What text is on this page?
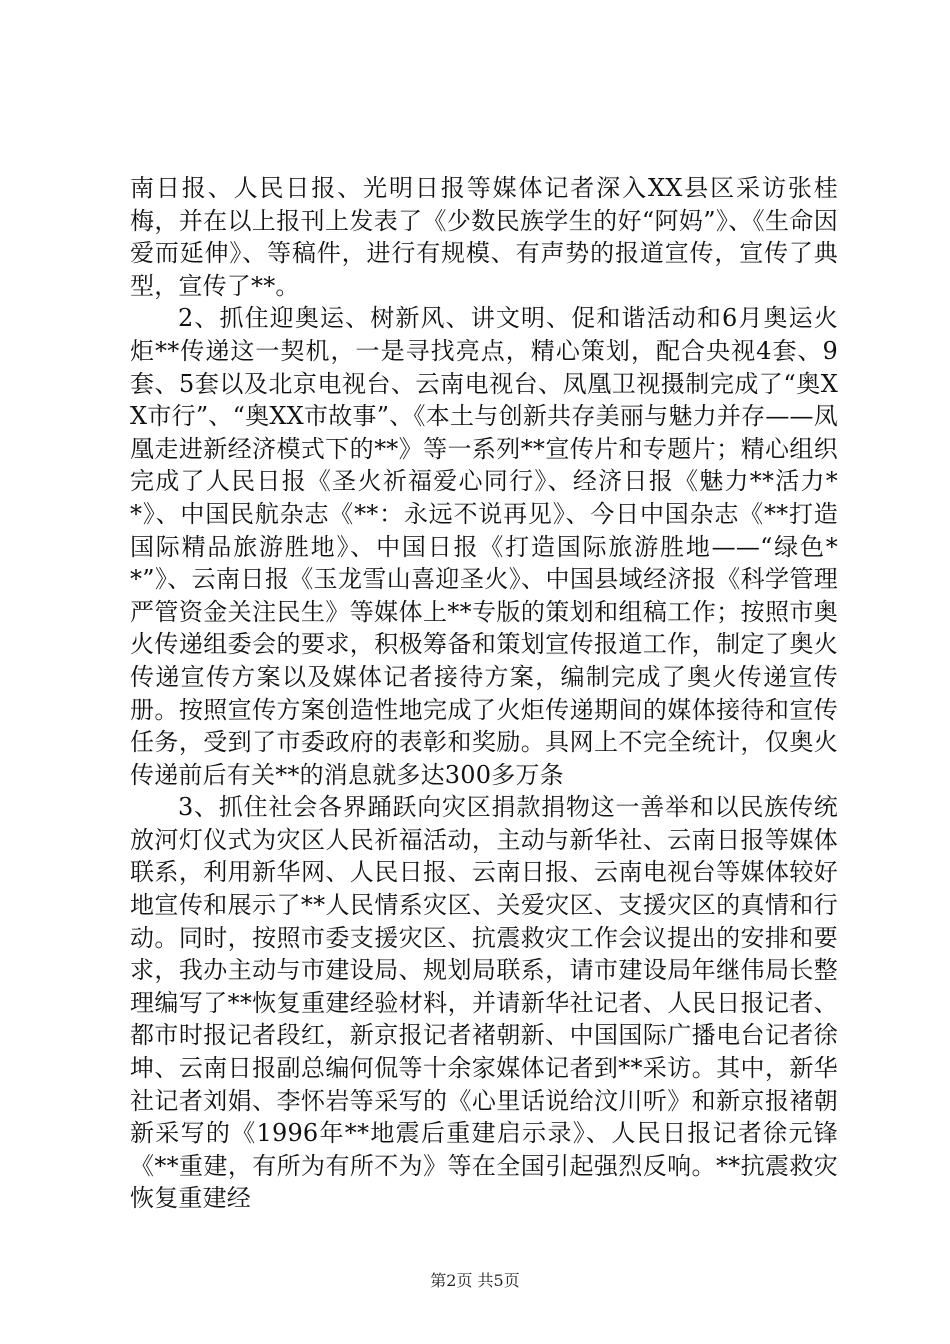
南日报、人民日报、光明日报等媒体记者深入XX县区采访张桂梅，并在以上报刊上发表了《少数民族学生的好“阿妈”》、《生命因爱而延伸》、等稿件，进行有规模、有声势的报道宣传，宣传了典型，宣传了**。

2、抓住迎奥运、树新风、讲文明、促和谐活动和6月奥运火炬**传递这一契机，一是寻找亮点，精心策划，配合央视4套、9套、5套以及北京电视台、云南电视台、凤凰卫视摄制完成了“奥XX市行”、“奥XX市故事”、《本土与创新共存美丽与魅力并存——凤凰走进新经济模式下的**》等一系列**宣传片和专题片；精心组织完成了人民日报《圣火祈福爱心同行》、经济日报《魅力**活力**》、中国民航杂志《**：永远不说再见》、今日中国杂志《**打造国际精品旅游胜地》、中国日报《打造国际旅游胜地——“绿色**”》、云南日报《玉龙雪山喜迎圣火》、中国县域经济报《科学管理严管资金关注民生》等媒体上**专版的策划和组稿工作；按照市奥火传递组委会的要求，积极筹备和策划宣传报道工作，制定了奥火传递宣传方案以及媒体记者接待方案，编制完成了奥火传递宣传册。按照宣传方案创造性地完成了火炬传递期间的媒体接待和宣传任务，受到了市委政府的表彰和奖励。具网上不完全统计，仅奥火传递前后有关**的消息就多达300多万条

3、抓住社会各界踊跃向灾区捐款捐物这一善举和以民族传统放河灯仪式为灾区人民祈福活动，主动与新华社、云南日报等媒体联系，利用新华网、人民日报、云南日报、云南电视台等媒体较好地宣传和展示了**人民情系灾区、关爱灾区、支援灾区的真情和行动。同时，按照市委支援灾区、抗震救灾工作会议提出的安排和要求，我办主动与市建设局、规划局联系，请市建设局年继伟局长整理编写了**恢复重建经验材料，并请新华社记者、人民日报记者、都市时报记者段红，新京报记者褚朝新、中国国际广播电台记者徐坤、云南日报副总编何侃等十余家媒体记者到**采访。其中，新华社记者刘娟、李怀岩等采写的《心里话说给汶川听》和新京报褚朝新采写的《1996年**地震后重建启示录》、人民日报记者徐元锋《**重建，有所为有所不为》等在全国引起强烈反响。**抗震救灾恢复重建经

第2页 共5页
